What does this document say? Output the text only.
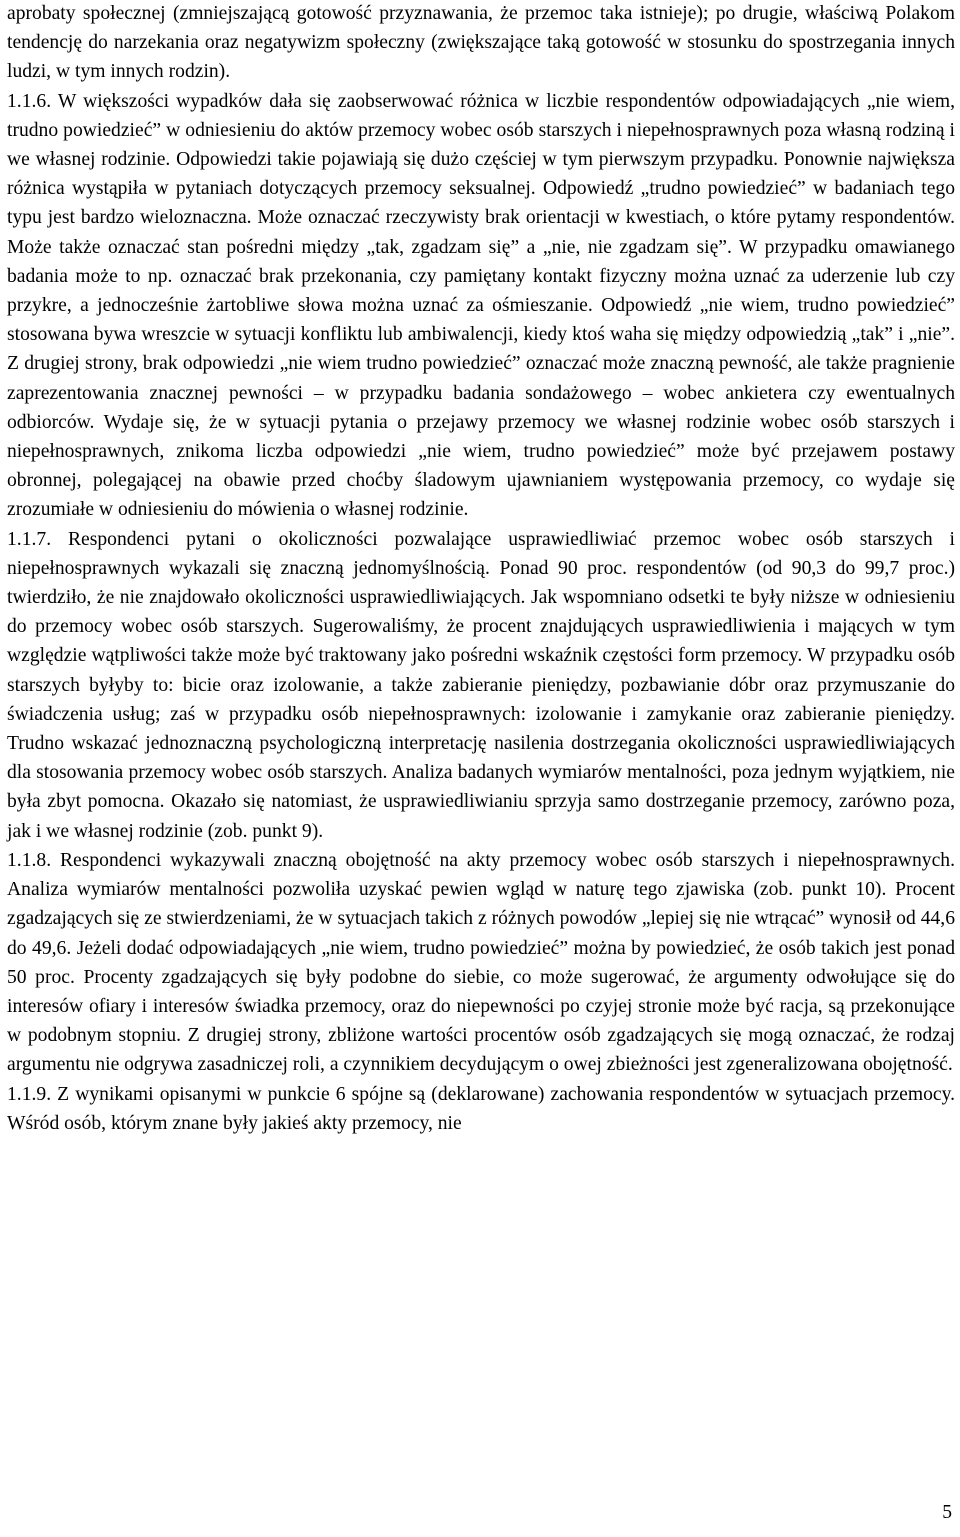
aprobaty społecznej (zmniejszającą gotowość przyznawania, że przemoc taka istnieje); po drugie, właściwą Polakom tendencję do narzekania oraz negatywizm społeczny (zwiększające taką gotowość w stosunku do spostrzegania innych ludzi, w tym innych rodzin).

1.1.6. W większości wypadków dała się zaobserwować różnica w liczbie respondentów odpowiadających „nie wiem, trudno powiedzieć” w odniesieniu do aktów przemocy wobec osób starszych i niepełnosprawnych poza własną rodziną i we własnej rodzinie. Odpowiedzi takie pojawiają się dużo częściej w tym pierwszym przypadku. Ponownie największa różnica wystąpiła w pytaniach dotyczących przemocy seksualnej. Odpowiedź „trudno powiedzieć” w badaniach tego typu jest bardzo wieloznaczna. Może oznaczać rzeczywisty brak orientacji w kwestiach, o które pytamy respondentów. Może także oznaczać stan pośredni między „tak, zgadzam się” a „nie, nie zgadzam się”. W przypadku omawianego badania może to np. oznaczać brak przekonania, czy pamiętany kontakt fizyczny można uznać za uderzenie lub czy przykre, a jednocześnie żartobliwe słowa można uznać za ośmieszanie. Odpowiedź „nie wiem, trudno powiedzieć” stosowana bywa wreszcie w sytuacji konfliktu lub ambiwalencji, kiedy ktoś waha się między odpowiedzią „tak” i „nie”. Z drugiej strony, brak odpowiedzi „nie wiem trudno powiedzieć” oznaczać może znaczną pewność, ale także pragnienie zaprezentowania znacznej pewności – w przypadku badania sondażowego – wobec ankietera czy ewentualnych odbiorców. Wydaje się, że w sytuacji pytania o przejawy przemocy we własnej rodzinie wobec osób starszych i niepełnosprawnych, znikoma liczba odpowiedzi „nie wiem, trudno powiedzieć” może być przejawem postawy obronnej, polegającej na obawie przed choćby śladowym ujawnianiem występowania przemocy, co wydaje się zrozumiałe w odniesieniu do mówienia o własnej rodzinie.

1.1.7. Respondenci pytani o okoliczności pozwalające usprawiedliwiać przemoc wobec osób starszych i niepełnosprawnych wykazali się znaczną jednomyślnością. Ponad 90 proc. respondentów (od 90,3 do 99,7 proc.) twierdziło, że nie znajdowało okoliczności usprawiedliwiających. Jak wspomniano odsetki te były niższe w odniesieniu do przemocy wobec osób starszych. Sugerowaliśmy, że procent znajdujących usprawiedliwienia i mających w tym względzie wątpliwości także może być traktowany jako pośredni wskaźnik częstości form przemocy. W przypadku osób starszych byłyby to: bicie oraz izolowanie, a także zabieranie pieniędzy, pozbawianie dóbr oraz przymuszanie do świadczenia usług; zaś w przypadku osób niepełnosprawnych: izolowanie i zamykanie oraz zabieranie pieniędzy. Trudno wskazać jednoznaczną psychologiczną interpretację nasilenia dostrzegania okoliczności usprawiedliwiających dla stosowania przemocy wobec osób starszych. Analiza badanych wymiarów mentalności, poza jednym wyjątkiem, nie była zbyt pomocna. Okazało się natomiast, że usprawiedliwianiu sprzyja samo dostrzeganie przemocy, zarówno poza, jak i we własnej rodzinie (zob. punkt 9).

1.1.8. Respondenci wykazywali znaczną obojętność na akty przemocy wobec osób starszych i niepełnosprawnych. Analiza wymiarów mentalności pozwoliła uzyskać pewien wgląd w naturę tego zjawiska (zob. punkt 10). Procent zgadzających się ze stwierdzeniami, że w sytuacjach takich z różnych powodów „lepiej się nie wtrącać” wynosił od 44,6 do 49,6. Jeżeli dodać odpowiadających „nie wiem, trudno powiedzieć” można by powiedzieć, że osób takich jest ponad 50 proc. Procenty zgadzających się były podobne do siebie, co może sugerować, że argumenty odwołujące się do interesów ofiary i interesów świadka przemocy, oraz do niepewności po czyjej stronie może być racja, są przekonujące w podobnym stopniu. Z drugiej strony, zbliżone wartości procentów osób zgadzających się mogą oznaczać, że rodzaj argumentu nie odgrywa zasadniczej roli, a czynnikiem decydującym o owej zbieżności jest zgeneralizowana obojętność.

1.1.9. Z wynikami opisanymi w punkcie 6 spójne są (deklarowane) zachowania respondentów w sytuacjach przemocy. Wśród osób, którym znane były jakieś akty przemocy, nie

5
